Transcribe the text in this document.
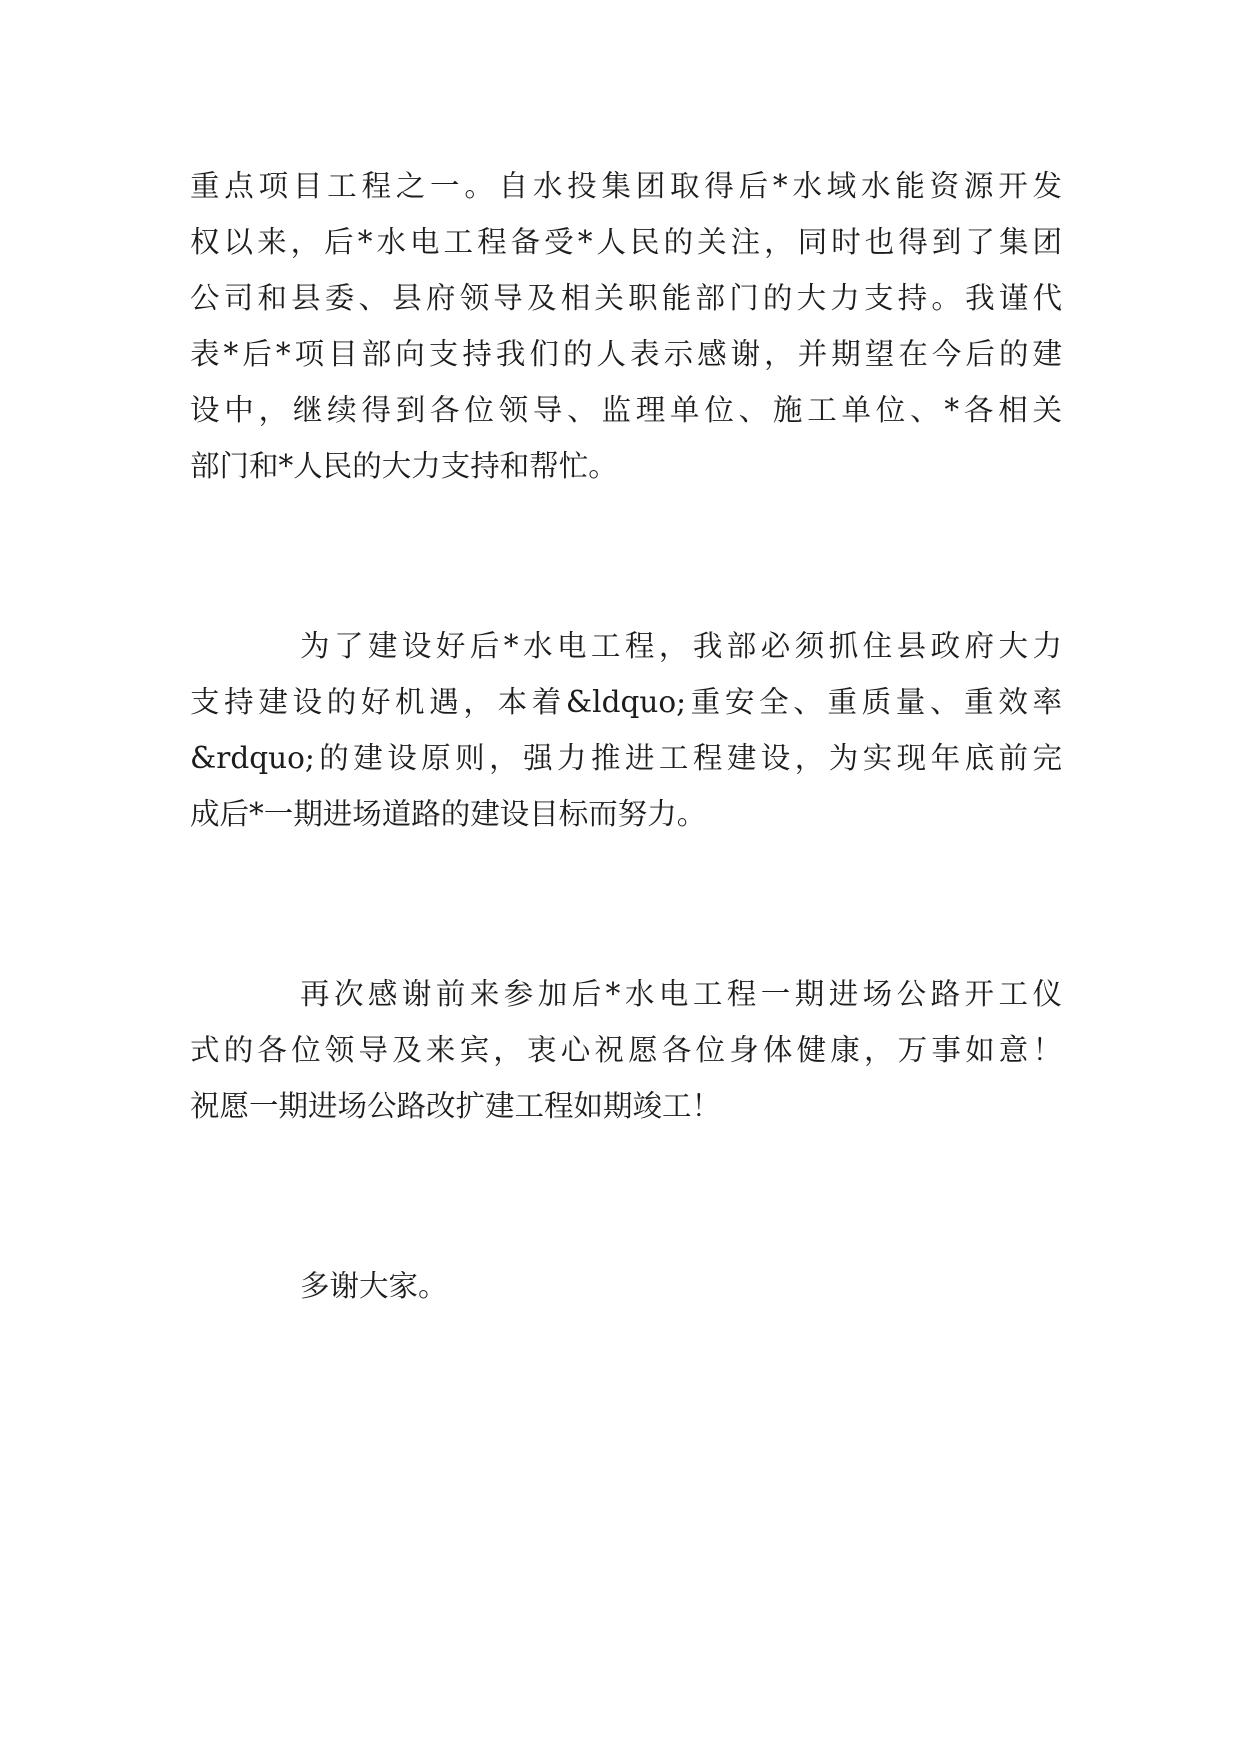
重点项目工程之一。自水投集团取得后*水域水能资源开发
权以来，后*水电工程备受*人民的关注，同时也得到了集团
公司和县委、县府领导及相关职能部门的大力支持。我谨代
表*后*项目部向支持我们的人表示感谢，并期望在今后的建
设中，继续得到各位领导、监理单位、施工单位、*各相关
部门和*人民的大力支持和帮忙。
为了建设好后*水电工程，我部必须抓住县政府大力
支持建设的好机遇，本着&ldquo;重安全、重质量、重效率
&rdquo;的建设原则，强力推进工程建设，为实现年底前完
成后*一期进场道路的建设目标而努力。
再次感谢前来参加后*水电工程一期进场公路开工仪
式的各位领导及来宾，衷心祝愿各位身体健康，万事如意！
祝愿一期进场公路改扩建工程如期竣工！
多谢大家。
